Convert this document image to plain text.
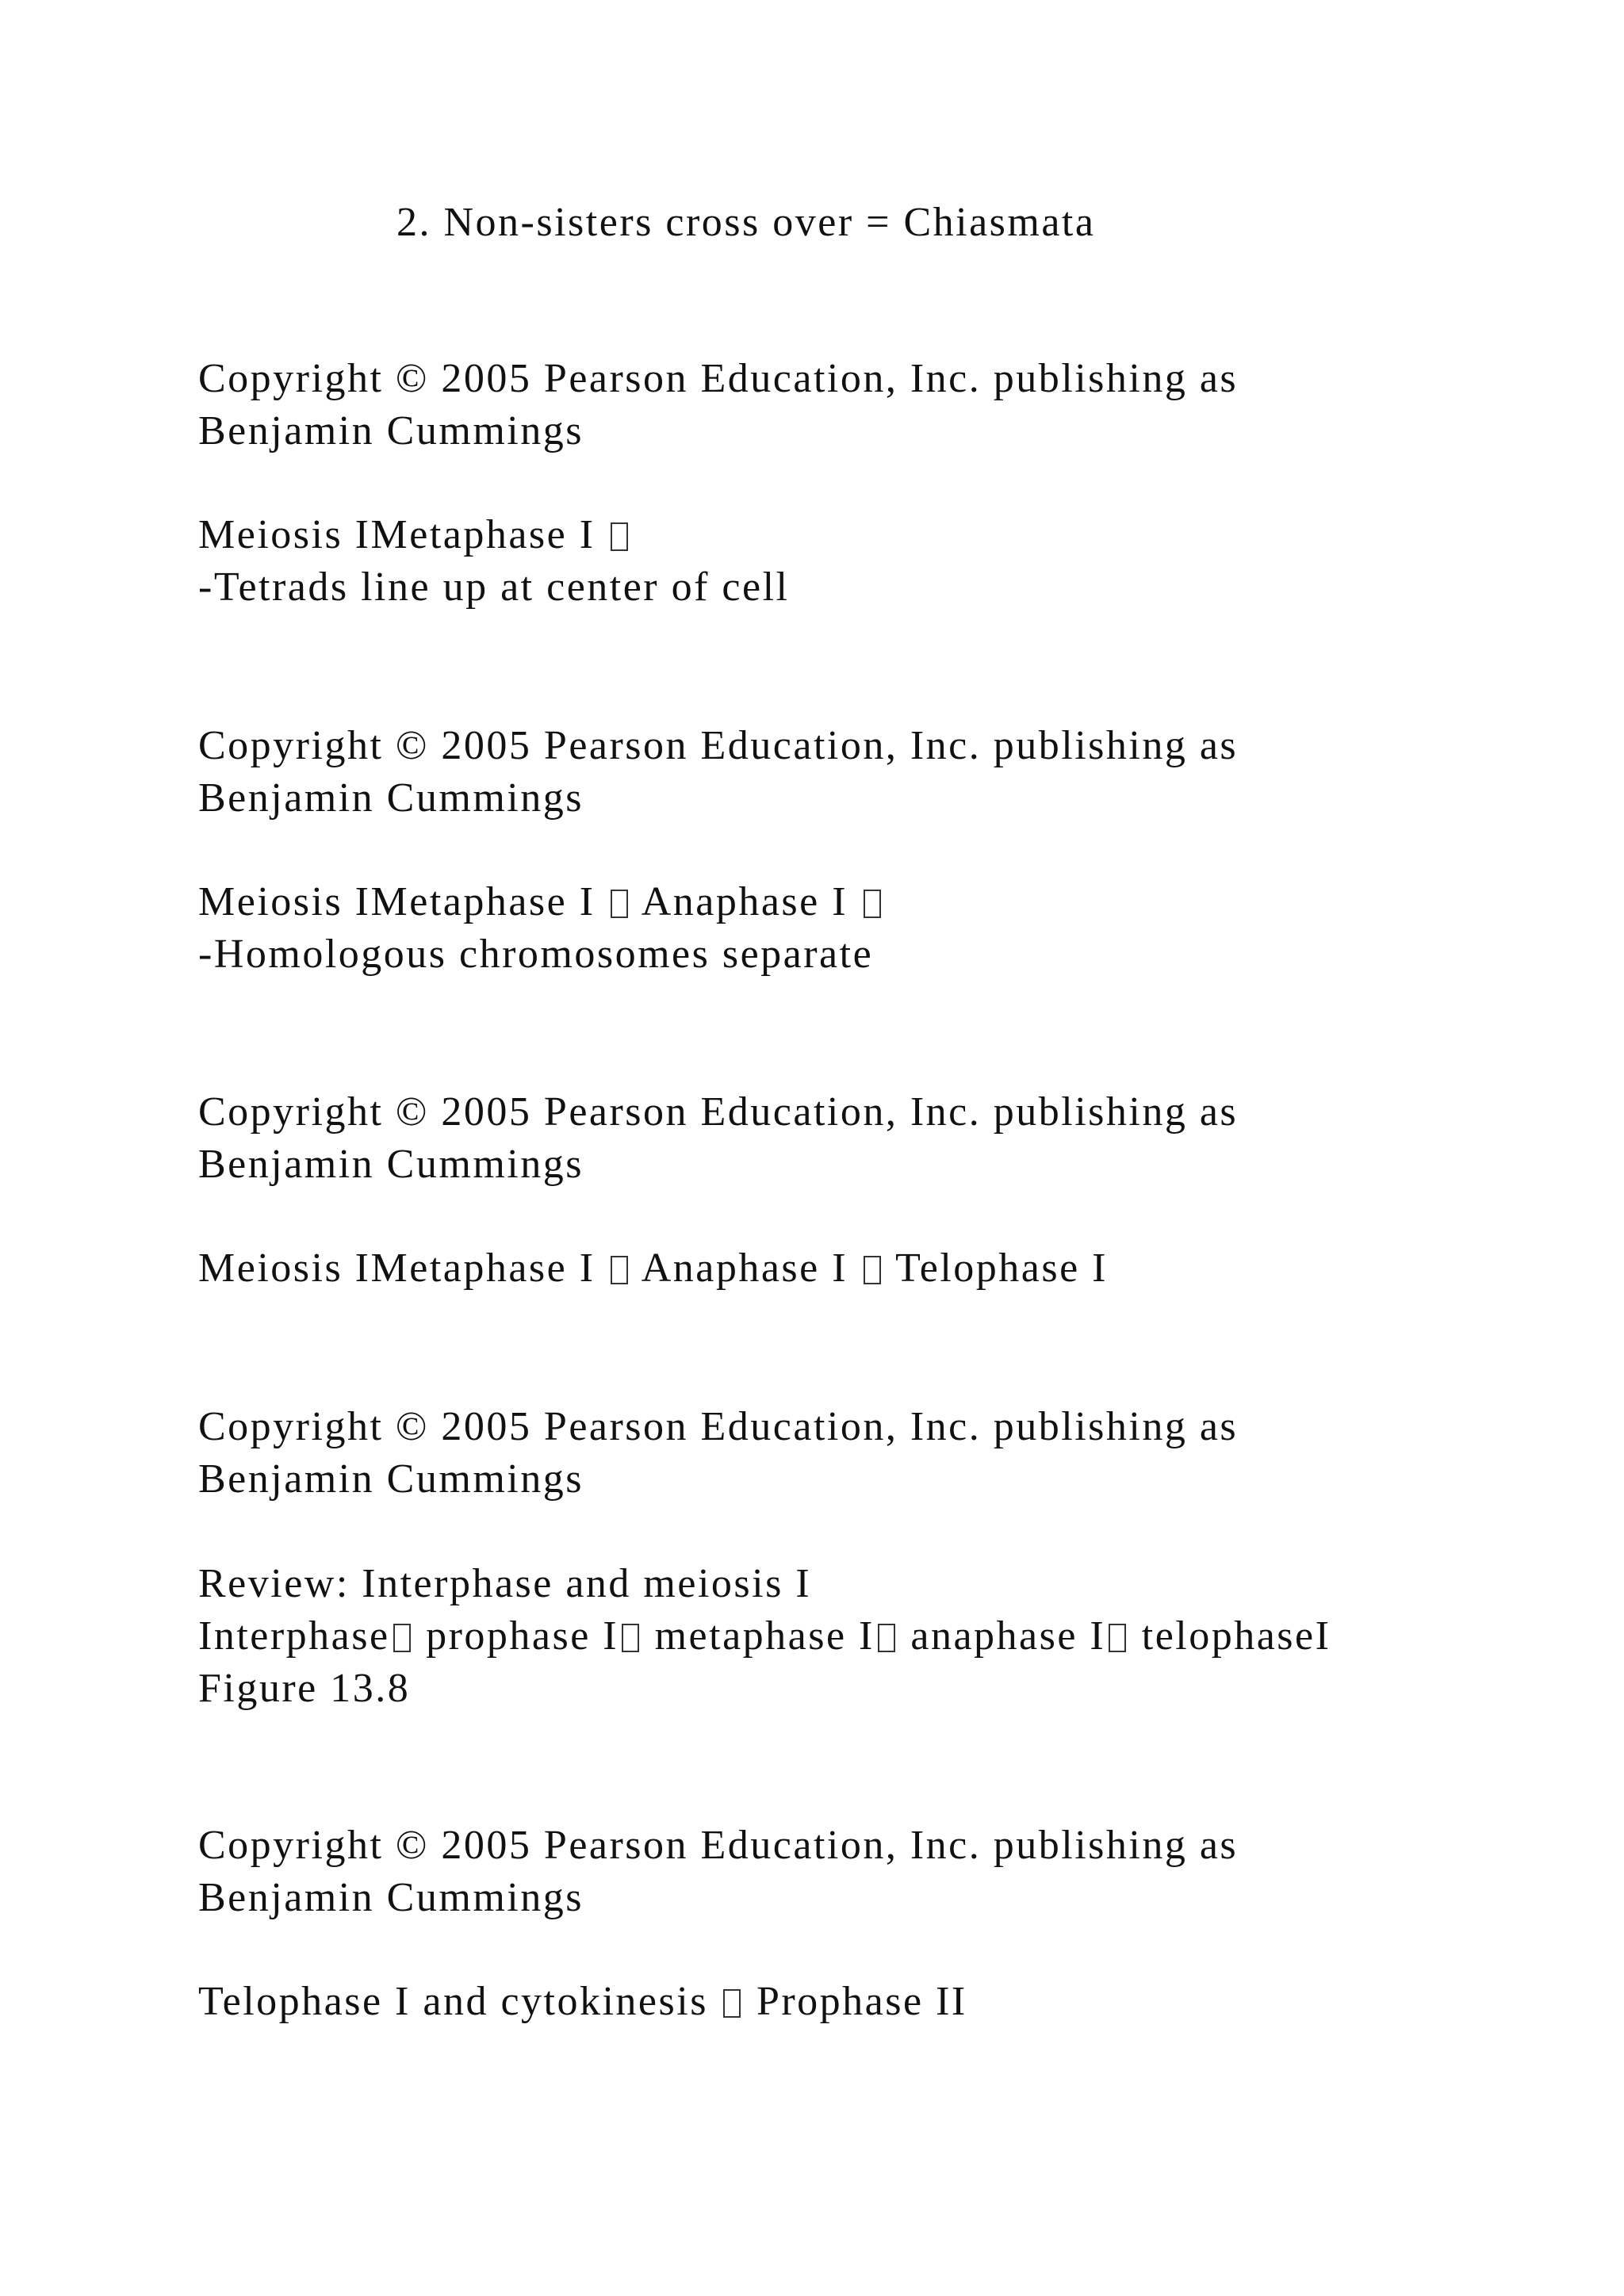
2. Non-sisters cross over = Chiasmata
Copyright © 2005 Pearson Education, Inc. publishing as
Benjamin Cummings
Meiosis IMetaphase I
-Tetrads line up at center of cell
Copyright © 2005 Pearson Education, Inc. publishing as
Benjamin Cummings
Meiosis IMetaphase I  Anaphase I
-Homologous chromosomes separate
Copyright © 2005 Pearson Education, Inc. publishing as
Benjamin Cummings
Meiosis IMetaphase I  Anaphase I  Telophase I
Copyright © 2005 Pearson Education, Inc. publishing as
Benjamin Cummings
Review: Interphase and meiosis I
Interphase prophase I metaphase I anaphase I telophaseI
Figure 13.8
Copyright © 2005 Pearson Education, Inc. publishing as
Benjamin Cummings
Telophase I and cytokinesis  Prophase II
